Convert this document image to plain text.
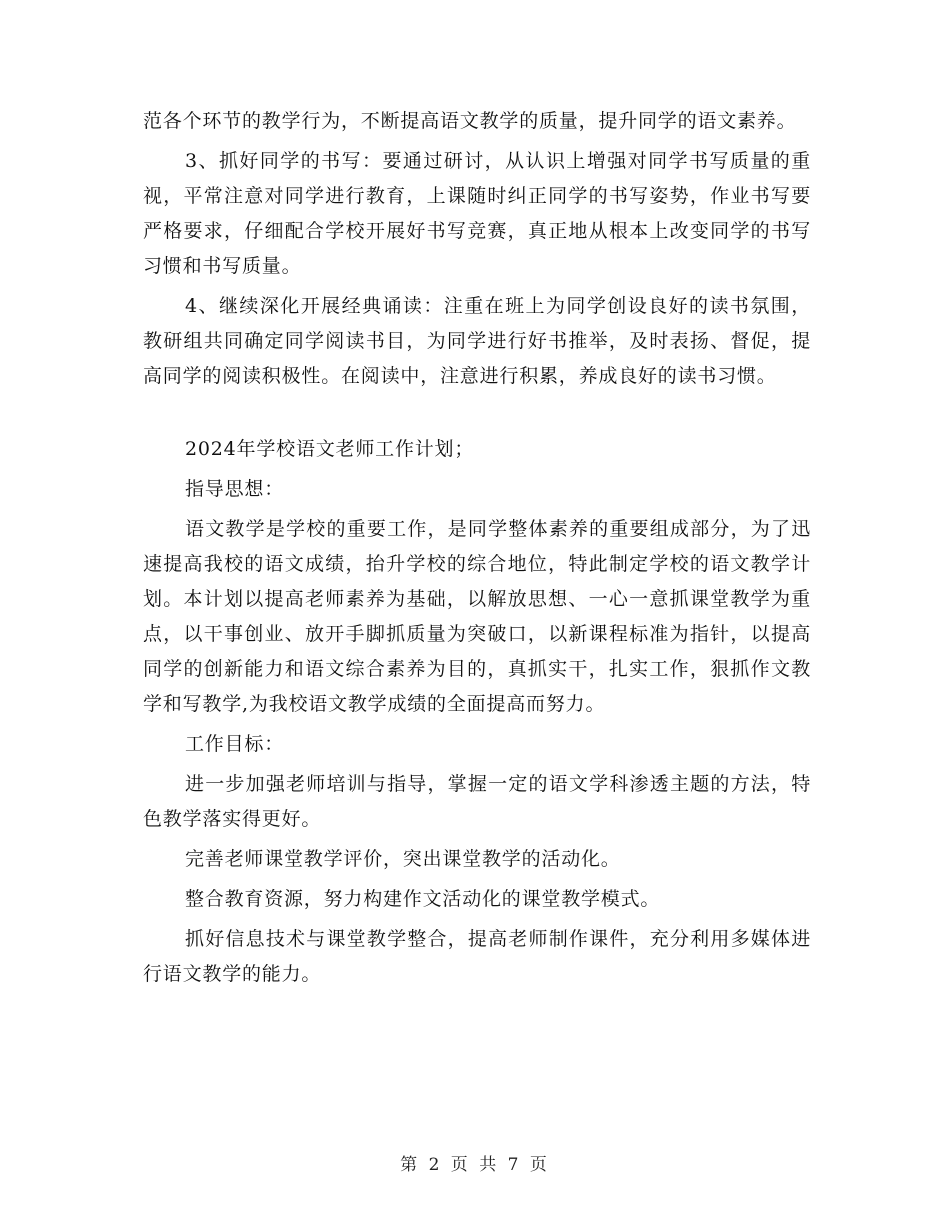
范各个环节的教学行为，不断提高语文教学的质量，提升同学的语文素养。

3、抓好同学的书写：要通过研讨，从认识上增强对同学书写质量的重视，平常注意对同学进行教育，上课随时纠正同学的书写姿势，作业书写要严格要求，仔细配合学校开展好书写竞赛，真正地从根本上改变同学的书写习惯和书写质量。

4、继续深化开展经典诵读：注重在班上为同学创设良好的读书氛围，教研组共同确定同学阅读书目，为同学进行好书推举，及时表扬、督促，提高同学的阅读积极性。在阅读中，注意进行积累，养成良好的读书习惯。

2024年学校语文老师工作计划；

指导思想：

语文教学是学校的重要工作，是同学整体素养的重要组成部分，为了迅速提高我校的语文成绩，抬升学校的综合地位，特此制定学校的语文教学计划。本计划以提高老师素养为基础，以解放思想、一心一意抓课堂教学为重点，以干事创业、放开手脚抓质量为突破口，以新课程标准为指针，以提高同学的创新能力和语文综合素养为目的，真抓实干，扎实工作，狠抓作文教学和写教学,为我校语文教学成绩的全面提高而努力。

工作目标：

进一步加强老师培训与指导，掌握一定的语文学科渗透主题的方法，特色教学落实得更好。

完善老师课堂教学评价，突出课堂教学的活动化。

整合教育资源，努力构建作文活动化的课堂教学模式。

抓好信息技术与课堂教学整合，提高老师制作课件，充分利用多媒体进行语文教学的能力。

第 2 页 共 7 页
